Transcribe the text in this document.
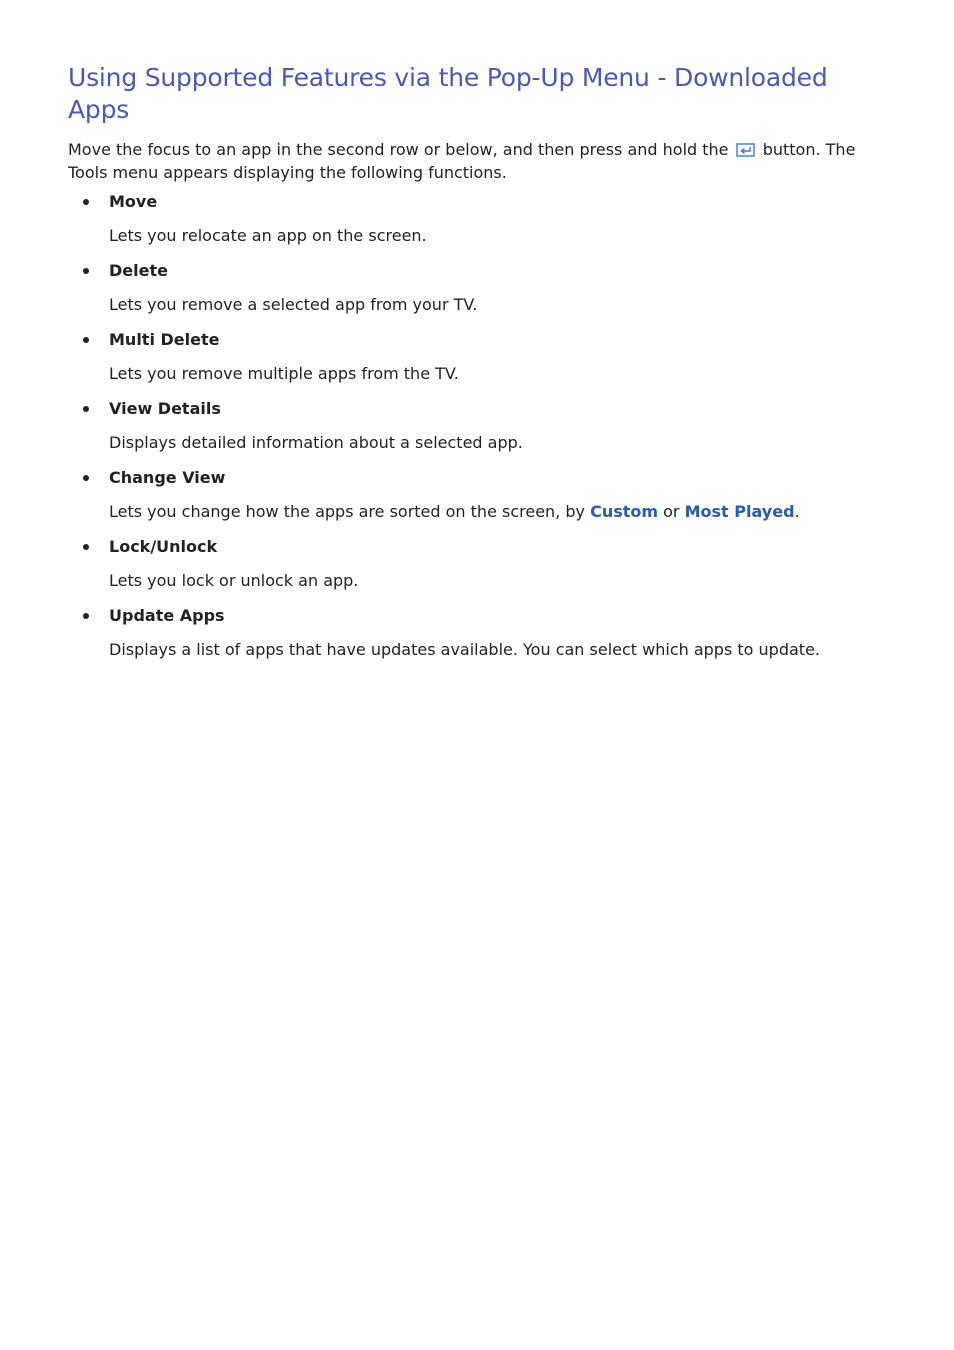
Using Supported Features via the Pop-Up Menu - Downloaded Apps

Move the focus to an app in the second row or below, and then press and hold the button. The Tools menu appears displaying the following functions.

Move
Lets you relocate an app on the screen.
Delete
Lets you remove a selected app from your TV.
Multi Delete
Lets you remove multiple apps from the TV.
View Details
Displays detailed information about a selected app.
Change View
Lets you change how the apps are sorted on the screen, by Custom or Most Played.
Lock/Unlock
Lets you lock or unlock an app.
Update Apps
Displays a list of apps that have updates available. You can select which apps to update.
